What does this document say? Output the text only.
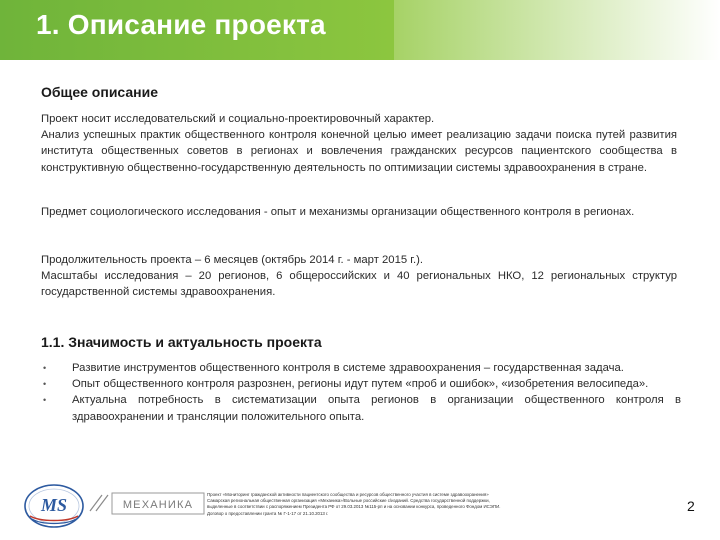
1. Описание проекта
Общее описание
Проект носит исследовательский и социально-проектировочный характер.
Анализ успешных практик общественного контроля конечной целью имеет реализацию задачи поиска путей развития института общественных советов в регионах и вовлечения гражданских ресурсов пациентского сообщества в конструктивную общественно-государственную деятельность по оптимизации системы здравоохранения в стране.
Предмет социологического исследования - опыт и механизмы организации общественного контроля в регионах.
Продолжительность проекта – 6 месяцев (октябрь 2014 г. - март 2015 г.).
Масштабы исследования – 20 регионов, 6 общероссийских и 40 региональных НКО, 12 региональных структур государственной системы здравоохранения.
1.1. Значимость и актуальность проекта
• Развитие инструментов общественного контроля в системе здравоохранения – государственная задача.
• Опыт общественного контроля разрознен, регионы идут путем «проб и ошибок», «изобретения велосипеда».
• Актуальна потребность в систематизации опыта регионов в организации общественного контроля в здравоохранении и трансляции положительного опыта.
MS	МЕХАНИКА
Проект «Мониторинг гражданской активности пациентского сообщества и ресурсов общественного участия в системе здравоохранения»
Самарская региональная общественная организация «Механика»/Вольные российские с/изданий. Средства государственной поддержки,
выделенные в соответствии с распоряжением Президента РФ от 29.03.2013 №115-рп и на основании конкурса, проведенного Фондом ИСЭПИ.
Договор о предоставлении гранта № Г-1-17 от 21.10.2013 г.	2
